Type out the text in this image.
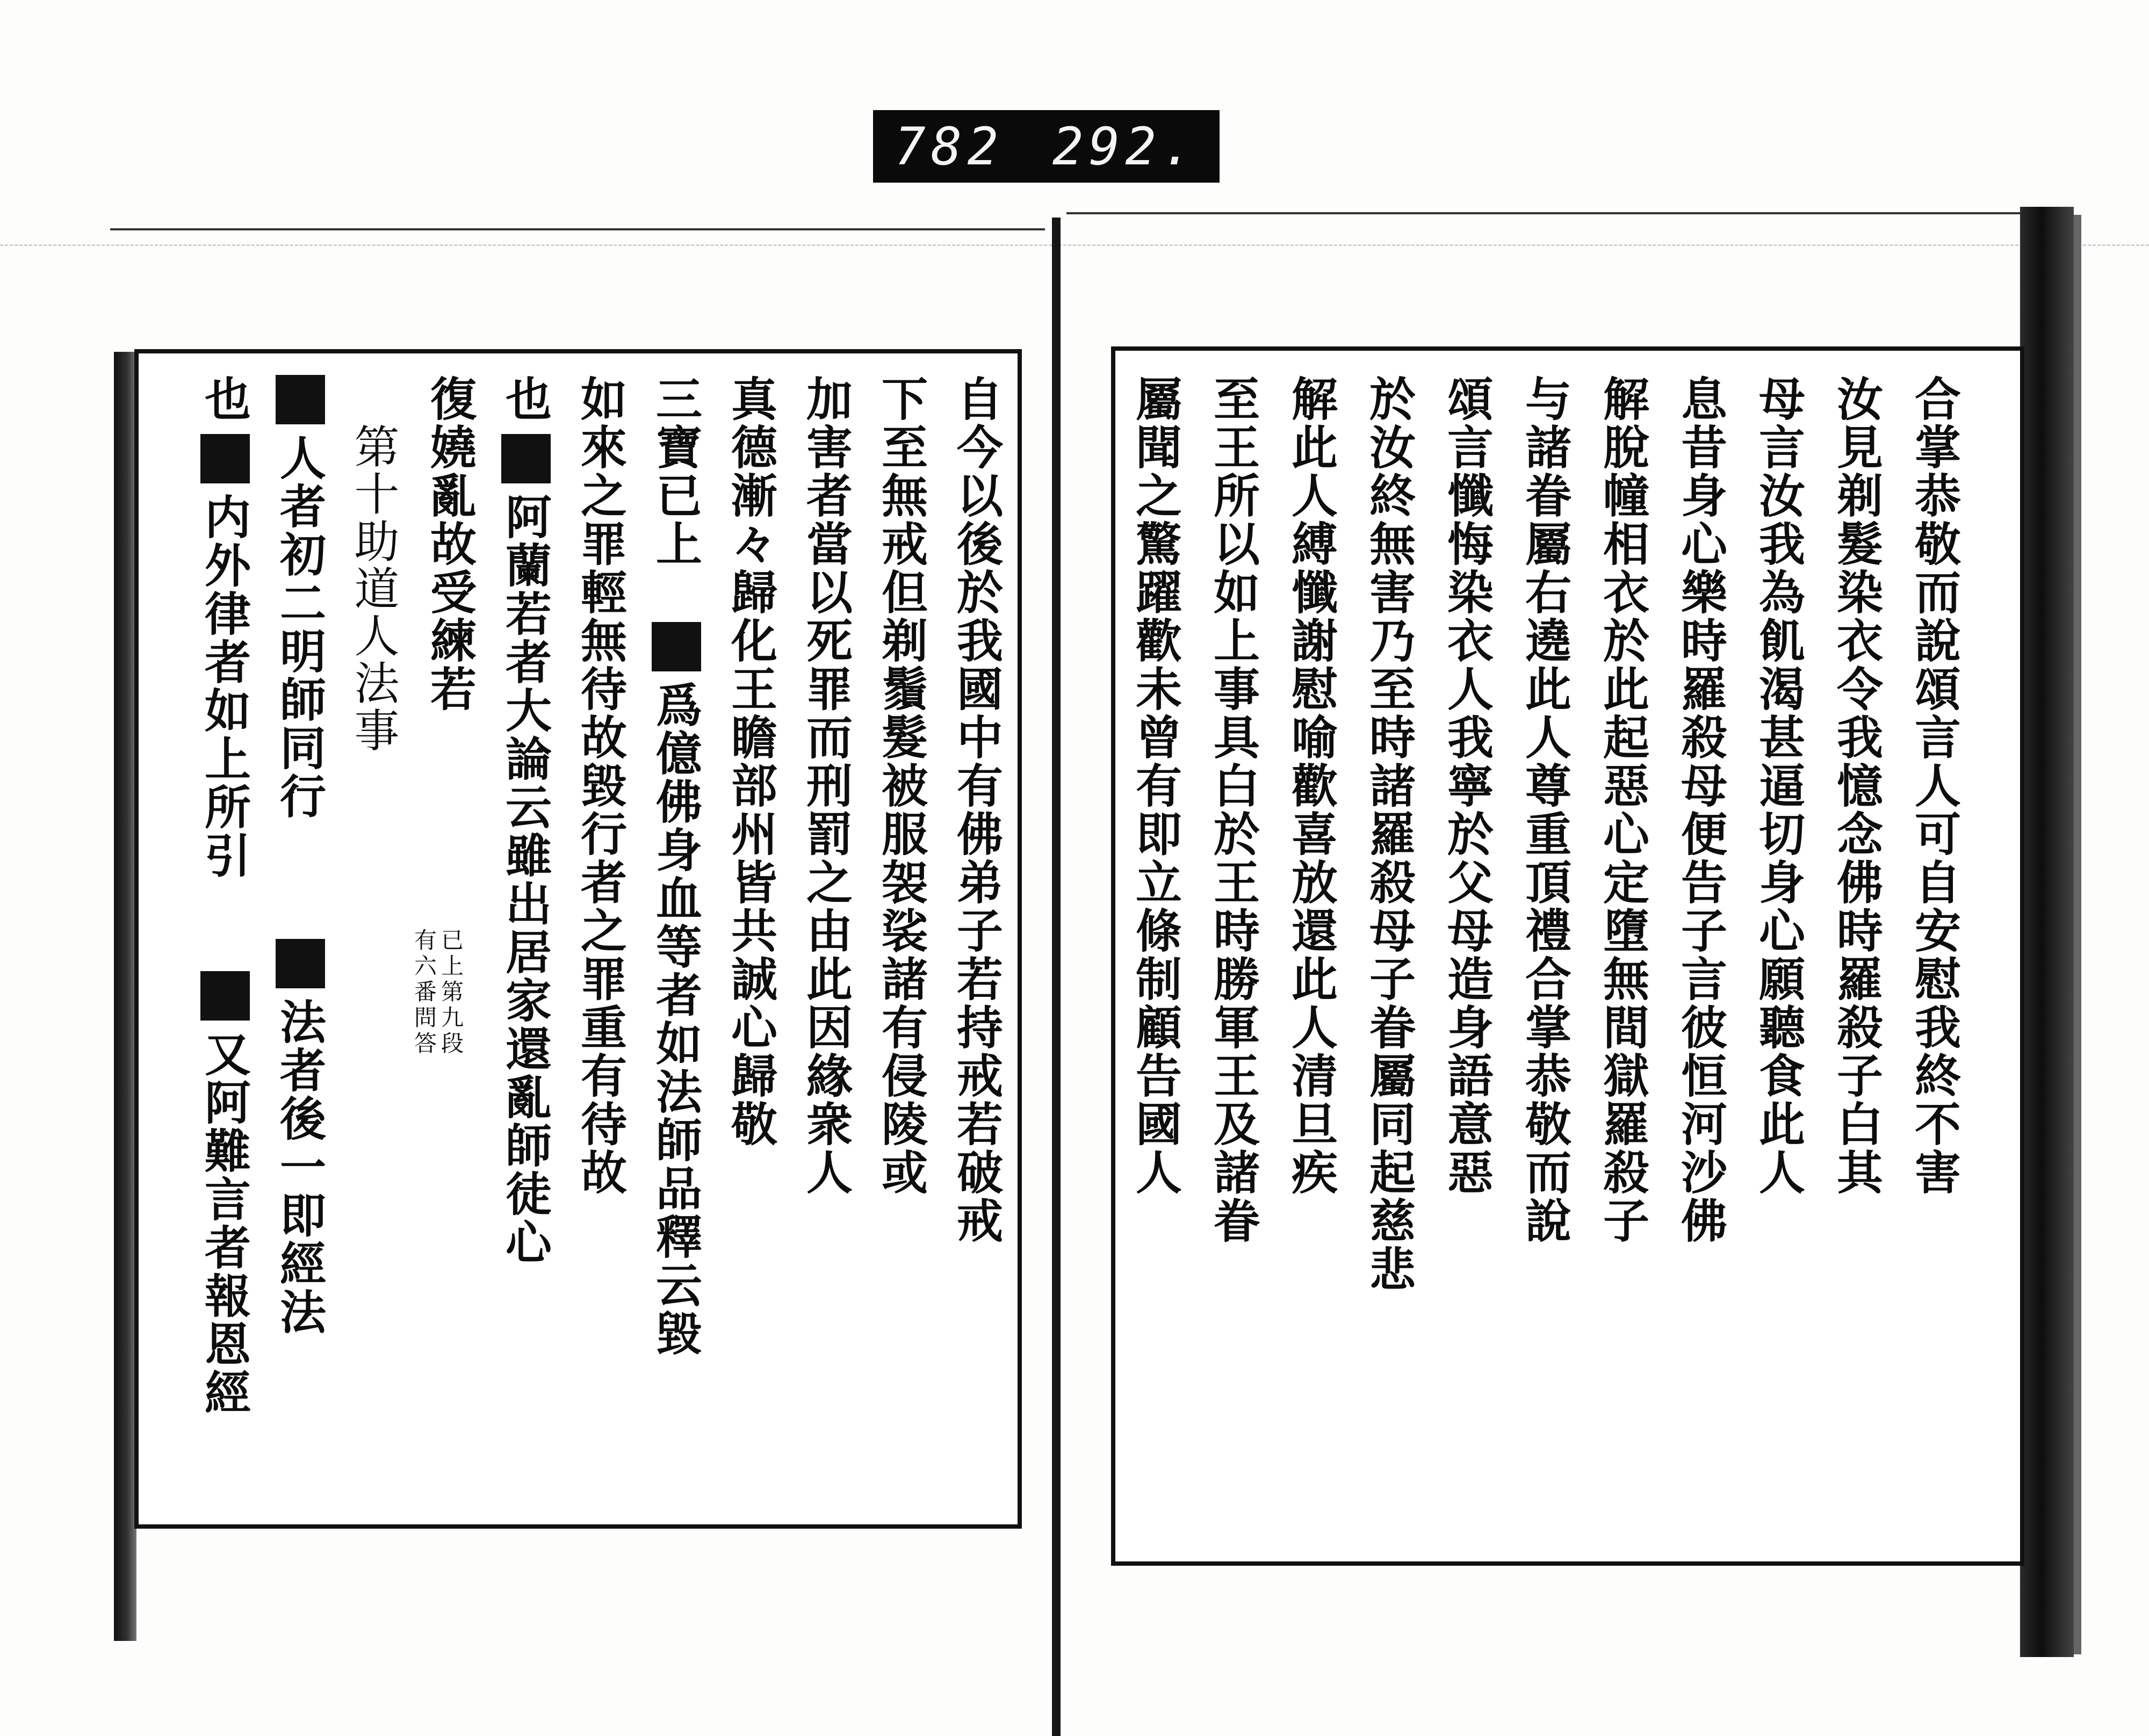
782 292.
合掌恭敬而說頌言人可自安慰我終不害
汝見剃髮染衣令我憶念佛時羅殺子白其
母言汝我為飢渴甚逼切身心願聽食此人
息昔身心樂時羅殺母便告子言彼恒河沙佛
解脫幢相衣於此起惡心定墮無間獄羅殺子
与諸眷屬右遶此人尊重頂禮合掌恭敬而說
頌言懺悔染衣人我寧於父母造身語意惡
於汝終無害乃至時諸羅殺母子眷屬同起慈悲
解此人縛懺謝慰喻歡喜放還此人清旦疾
至王所以如上事具白於王時勝軍王及諸眷
屬聞之驚躍歡未曾有即立條制顧告國人
自今以後於我國中有佛弟子若持戒若破戒
下至無戒但剃鬚髮被服袈裟諸有侵陵或
加害者當以死罪而刑罰之由此因緣衆人
真德漸々歸化王瞻部州皆共誠心歸敬
三寶已上
爲億佛身血等者如法師品釋云毀
如來之罪輕無待故毀行者之罪重有待故
也
阿蘭若者大論云雖出居家還亂師徒心
復嬈亂故受練若
已上第九段
有六番問答
第十助道人法事
人者初二明師同行
法者後一即經法
也
内外律者如上所引
又阿難言者報恩經
